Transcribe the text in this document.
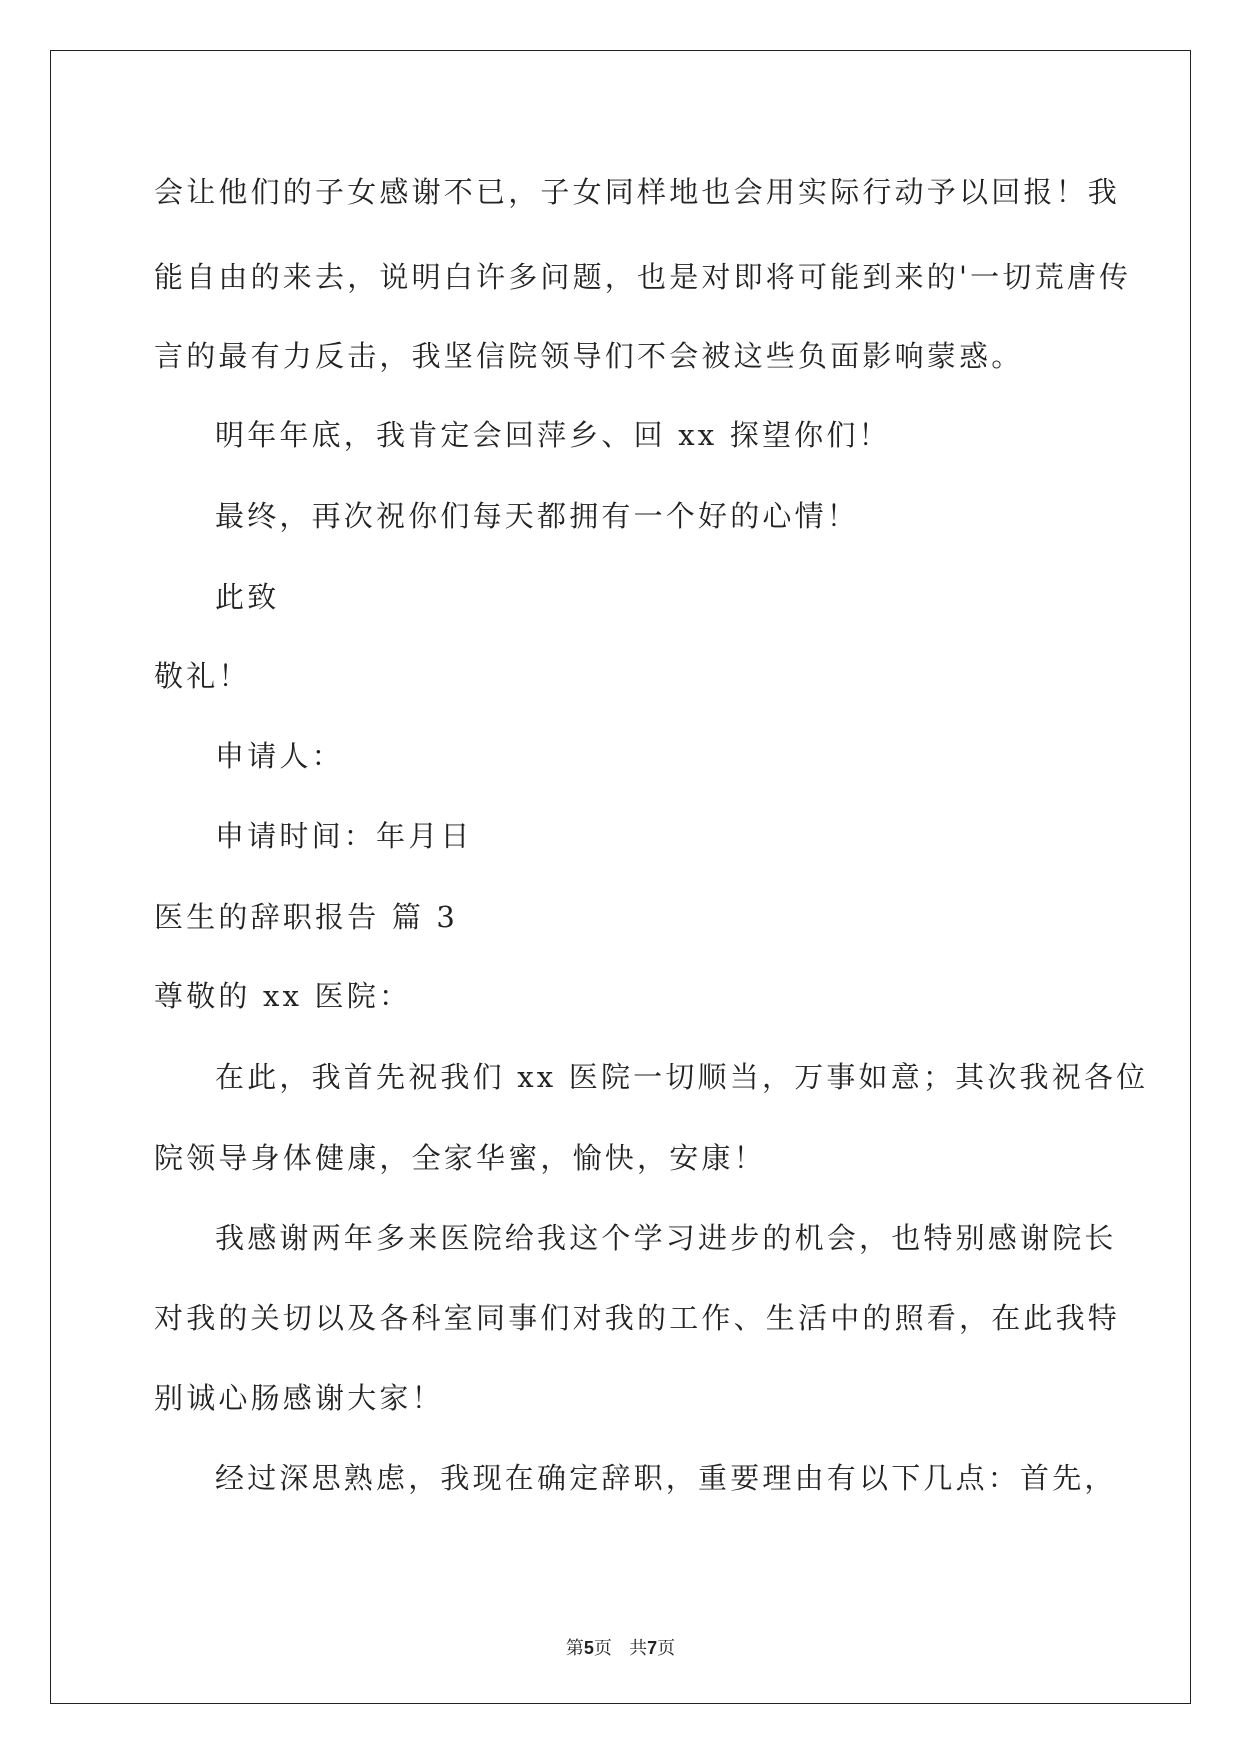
会让他们的子女感谢不已，子女同样地也会用实际行动予以回报！我
能自由的来去，说明白许多问题，也是对即将可能到来的'一切荒唐传
言的最有力反击，我坚信院领导们不会被这些负面影响蒙惑。
明年年底，我肯定会回萍乡、回 xx 探望你们！
最终，再次祝你们每天都拥有一个好的心情！
此致
敬礼！
申请人：
申请时间：年月日
医生的辞职报告 篇 3
尊敬的 xx 医院：
在此，我首先祝我们 xx 医院一切顺当，万事如意；其次我祝各位
院领导身体健康，全家华蜜，愉快，安康！
我感谢两年多来医院给我这个学习进步的机会，也特别感谢院长
对我的关切以及各科室同事们对我的工作、生活中的照看，在此我特
别诚心肠感谢大家！
经过深思熟虑，我现在确定辞职，重要理由有以下几点：首先，
第5页 共7页
